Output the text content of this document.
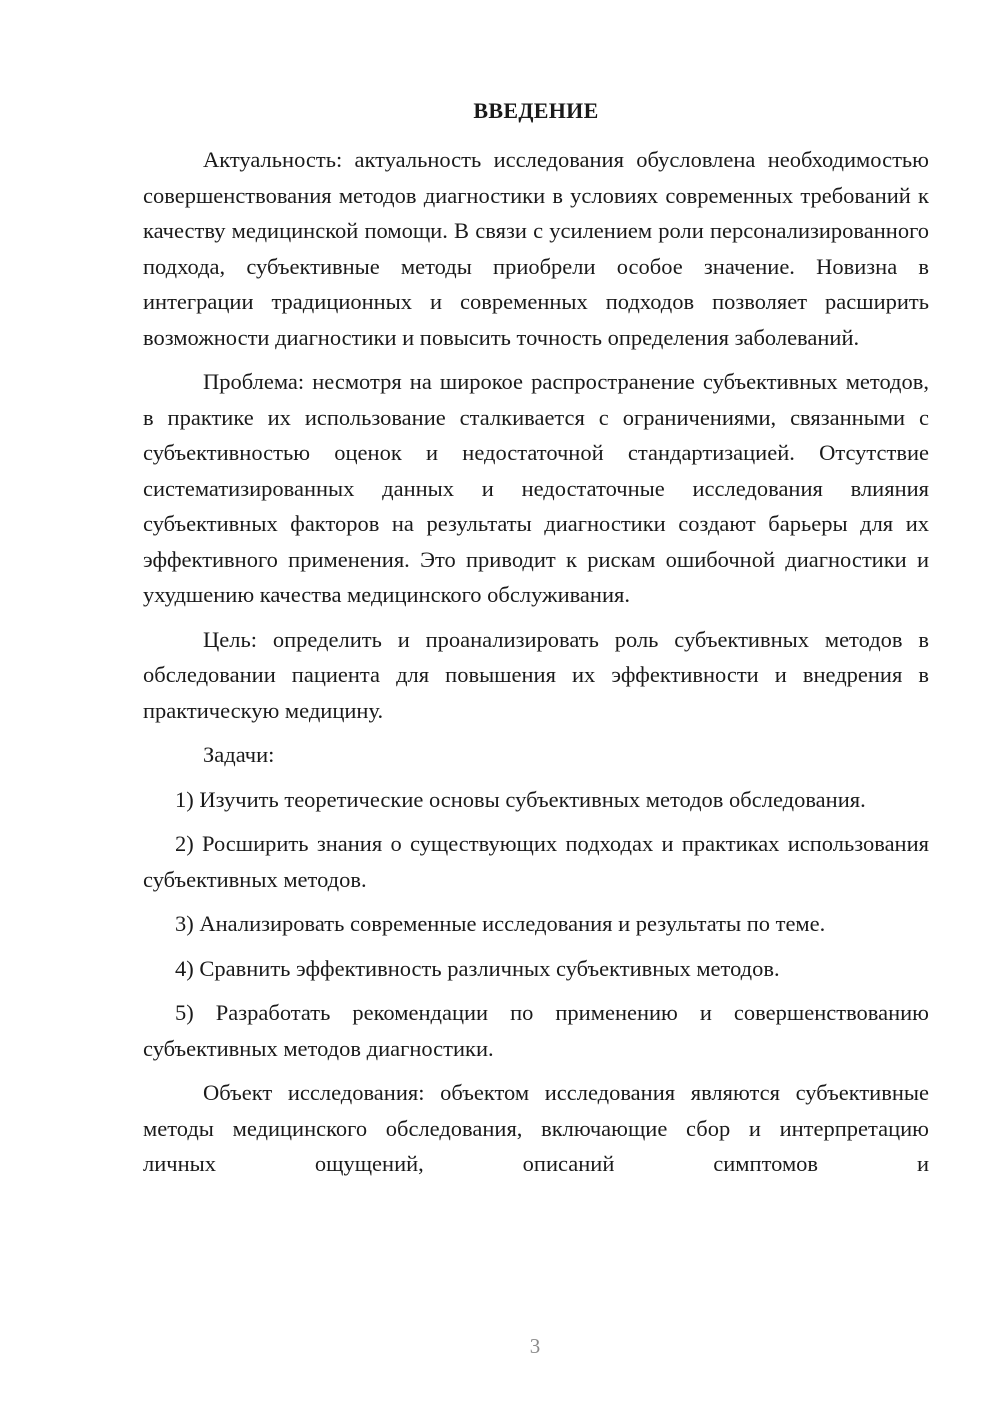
ВВЕДЕНИЕ

Актуальность: актуальность исследования обусловлена необходимостью совершенствования методов диагностики в условиях современных требований к качеству медицинской помощи. В связи с усилением роли персонализированного подхода, субъективные методы приобрели особое значение. Новизна в интеграции традиционных и современных подходов позволяет расширить возможности диагностики и повысить точность определения заболеваний.

Проблема: несмотря на широкое распространение субъективных методов, в практике их использование сталкивается с ограничениями, связанными с субъективностью оценок и недостаточной стандартизацией. Отсутствие систематизированных данных и недостаточные исследования влияния субъективных факторов на результаты диагностики создают барьеры для их эффективного применения. Это приводит к рискам ошибочной диагностики и ухудшению качества медицинского обслуживания.

Цель: определить и проанализировать роль субъективных методов в обследовании пациента для повышения их эффективности и внедрения в практическую медицину.

Задачи:

1) Изучить теоретические основы субъективных методов обследования.

2) Росширить знания о существующих подходах и практиках использования субъективных методов.

3) Анализировать современные исследования и результаты по теме.

4) Сравнить эффективность различных субъективных методов.

5) Разработать рекомендации по применению и совершенствованию субъективных методов диагностики.

Объект исследования: объектом исследования являются субъективные методы медицинского обследования, включающие сбор и интерпретацию личных ощущений, описаний симптомов и

3
